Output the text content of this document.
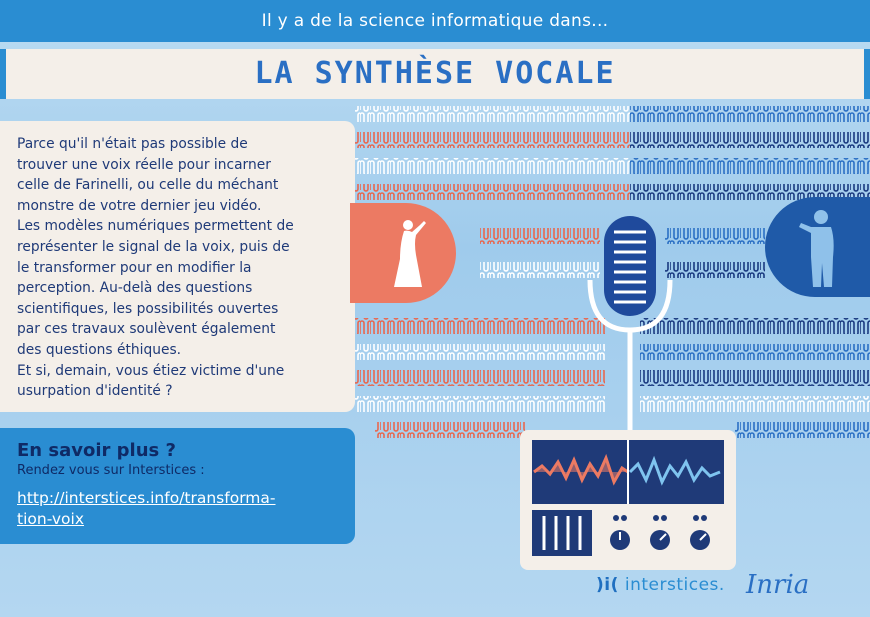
Il y a de la science informatique dans...
LA SYNTHÈSE VOCALE

Parce qu'il n'était pas possible de
trouver une voix réelle pour incarner
celle de Farinelli, ou celle du méchant
monstre de votre dernier jeu vidéo.
Les modèles numériques permettent de
représenter le signal de la voix, puis de
le transformer pour en modifier la
perception. Au-delà des questions
scientifiques, les possibilités ouvertes
par ces travaux soulèvent également
des questions éthiques.
Et si, demain, vous étiez victime d'une
usurpation d'identité ?

En savoir plus ?

Rendez vous sur Interstices :
http://interstices.info/transforma-
tion-voix
)i( interstices. Inria
